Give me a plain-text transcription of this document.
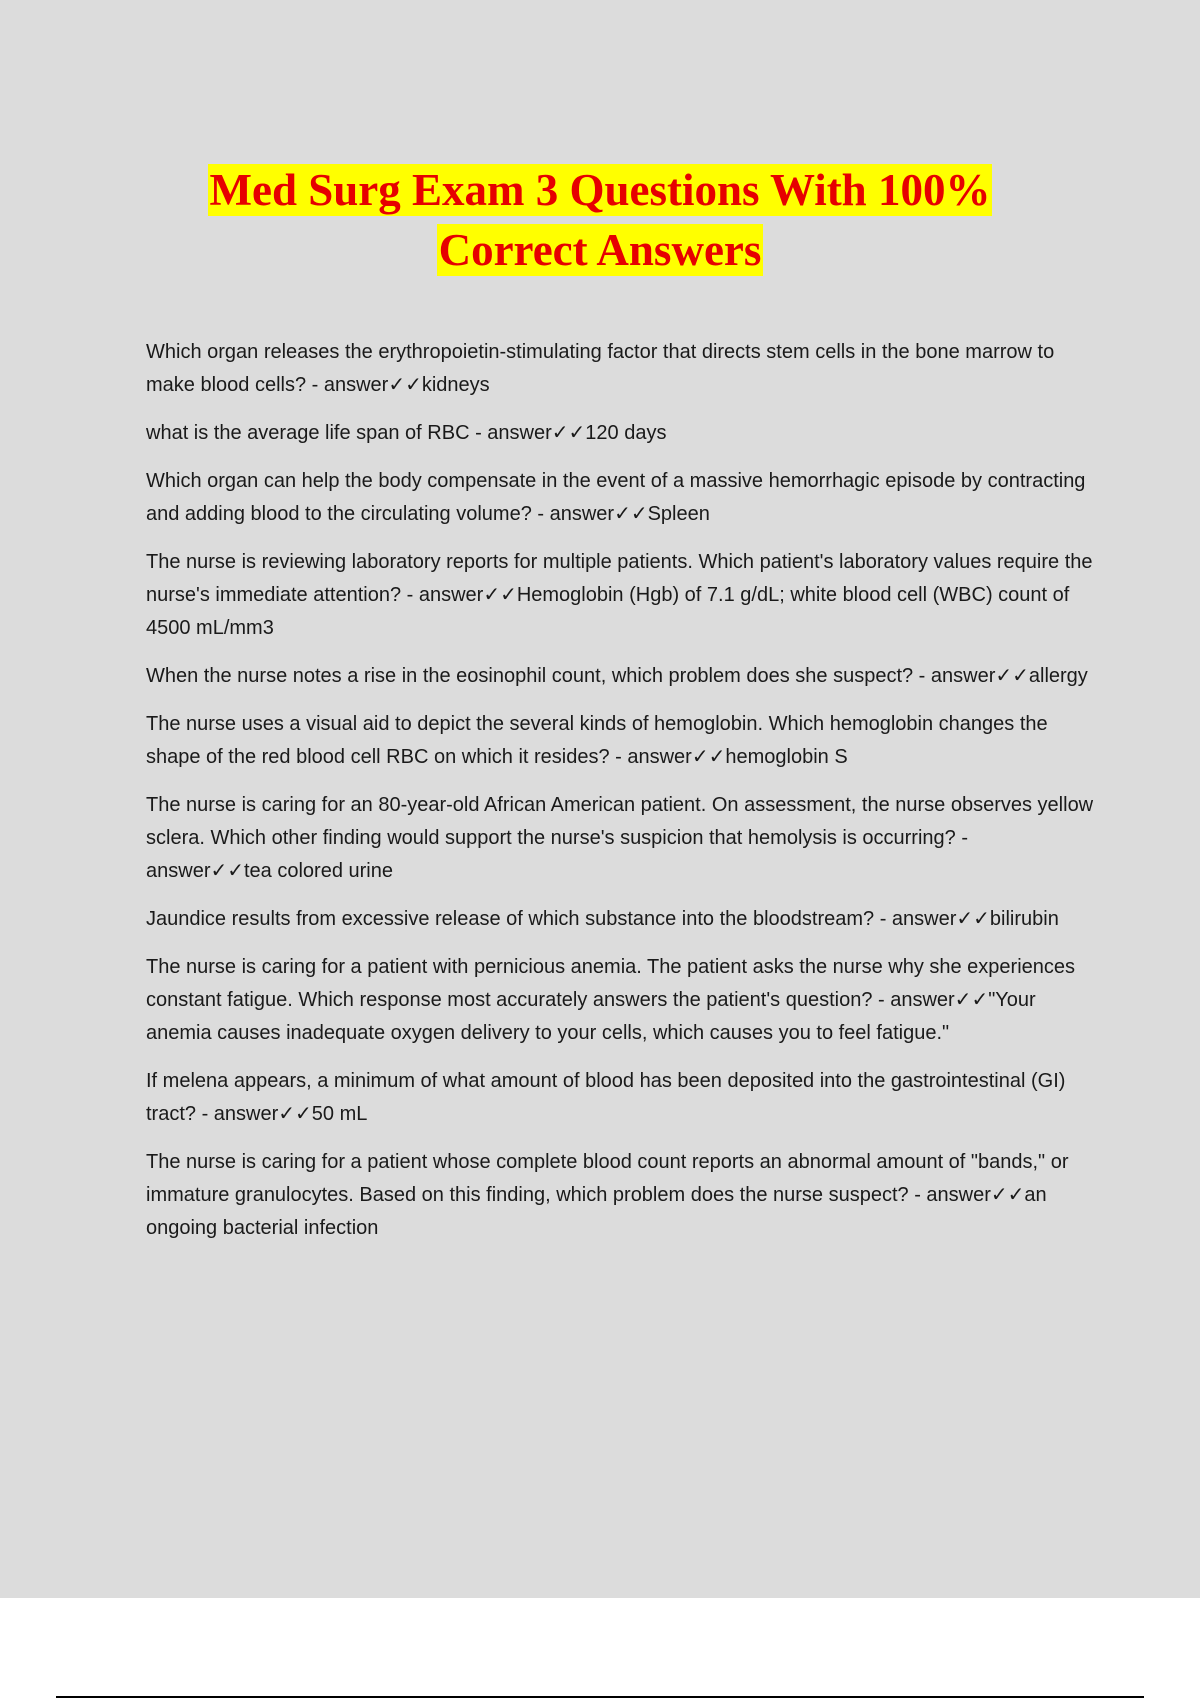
Med Surg Exam 3 Questions With 100%
Correct Answers

Which organ releases the erythropoietin-stimulating factor that directs stem cells in the bone marrow to make blood cells? - answer✓✓kidneys

what is the average life span of RBC - answer✓✓120 days

Which organ can help the body compensate in the event of a massive hemorrhagic episode by contracting and adding blood to the circulating volume? - answer✓✓Spleen

The nurse is reviewing laboratory reports for multiple patients. Which patient's laboratory values require the nurse's immediate attention? - answer✓✓Hemoglobin (Hgb) of 7.1 g/dL; white blood cell (WBC) count of 4500 mL/mm3

When the nurse notes a rise in the eosinophil count, which problem does she suspect? - answer✓✓allergy

The nurse uses a visual aid to depict the several kinds of hemoglobin. Which hemoglobin changes the shape of the red blood cell RBC on which it resides? - answer✓✓hemoglobin S

The nurse is caring for an 80-year-old African American patient. On assessment, the nurse observes yellow sclera. Which other finding would support the nurse's suspicion that hemolysis is occurring? - answer✓✓tea colored urine

Jaundice results from excessive release of which substance into the bloodstream? - answer✓✓bilirubin

The nurse is caring for a patient with pernicious anemia. The patient asks the nurse why she experiences constant fatigue. Which response most accurately answers the patient's question? - answer✓✓"Your anemia causes inadequate oxygen delivery to your cells, which causes you to feel fatigue."

If melena appears, a minimum of what amount of blood has been deposited into the gastrointestinal (GI) tract? - answer✓✓50 mL

The nurse is caring for a patient whose complete blood count reports an abnormal amount of "bands," or immature granulocytes. Based on this finding, which problem does the nurse suspect? - answer✓✓an ongoing bacterial infection
